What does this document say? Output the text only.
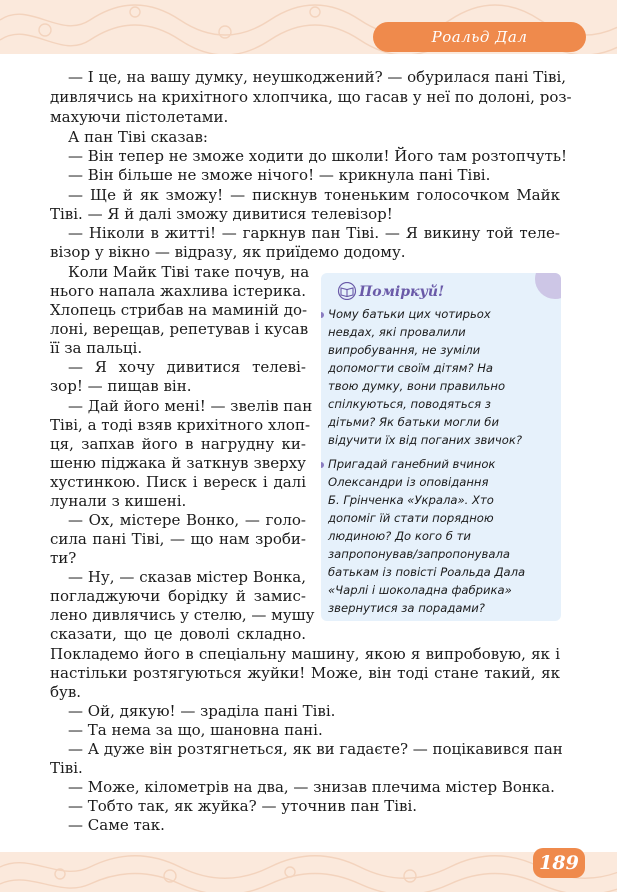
Роальд Дал
189
— І це, на вашу думку, неушкоджений? — обурилася пані Тіві,
дивлячись на крихітного хлопчика, що гасав у неї по долоні, роз-
махуючи пістолетами.
А пан Тіві сказав:
— Він тепер не зможе ходити до школи! Його там розтопчуть!
— Він більше не зможе нічого! — крикнула пані Тіві.
— Ще й як зможу! — пискнув тоненьким голосочком Майк
Тіві. — Я й далі зможу дивитися телевізор!
— Ніколи в житті! — гаркнув пан Тіві. — Я викину той теле-
візор у вікно — відразу, як приїдемо додому.
Коли Майк Тіві таке почув, на
нього напала жахлива істерика.
Хлопець стрибав на маминій до-
лоні, верещав, репетував і кусав
її за пальці.
— Я хочу дивитися телеві-
зор! — пищав він.
— Дай його мені! — звелів пан
Тіві, а тоді взяв крихітного хлоп-
ця, запхав його в нагрудну ки-
шеню піджака й заткнув зверху
хустинкою. Писк і верeск і далі
лунали з кишені.
— Ох, містере Вонко, — голо-
сила пані Тіві, — що нам зроби-
ти?
— Ну, — сказав містер Вонка,
погладжуючи борідку й замис-
лено дивлячись у стелю, — мушу
сказати, що це доволі складно.
Покладемо його в спеціальну машину, якою я випробовую, як і
настільки розтягуються жуйки! Може, він тоді стане такий, як
був.
— Ой, дякую! — зраділа пані Тіві.
— Та нема за що, шановна пані.
— А дуже він розтягнеться, як ви гадаєте? — поцікавився пан
Тіві.
— Може, кілометрів на два, — знизав плечима містер Вонка.
— Тобто так, як жуйка? — уточнив пан Тіві.
— Саме так.
Поміркуй!
Чому батьки цих чотирьох
невдах, які провалили
випробування, не зуміли
допомогти своїм дітям? На
твою думку, вони правильно
спілкуються, поводяться з
дітьми? Як батьки могли би
відучити їх від поганих звичок?
Пригадай ганебний вчинок
Олександри із оповідання
Б. Грінченка «Украла». Хто
допоміг їй стати порядною
людиною? До кого б ти
запропонував/запропонувала
батькам із повісті Роальда Дала
«Чарлі і шоколадна фабрика»
звернутися за порадами?
